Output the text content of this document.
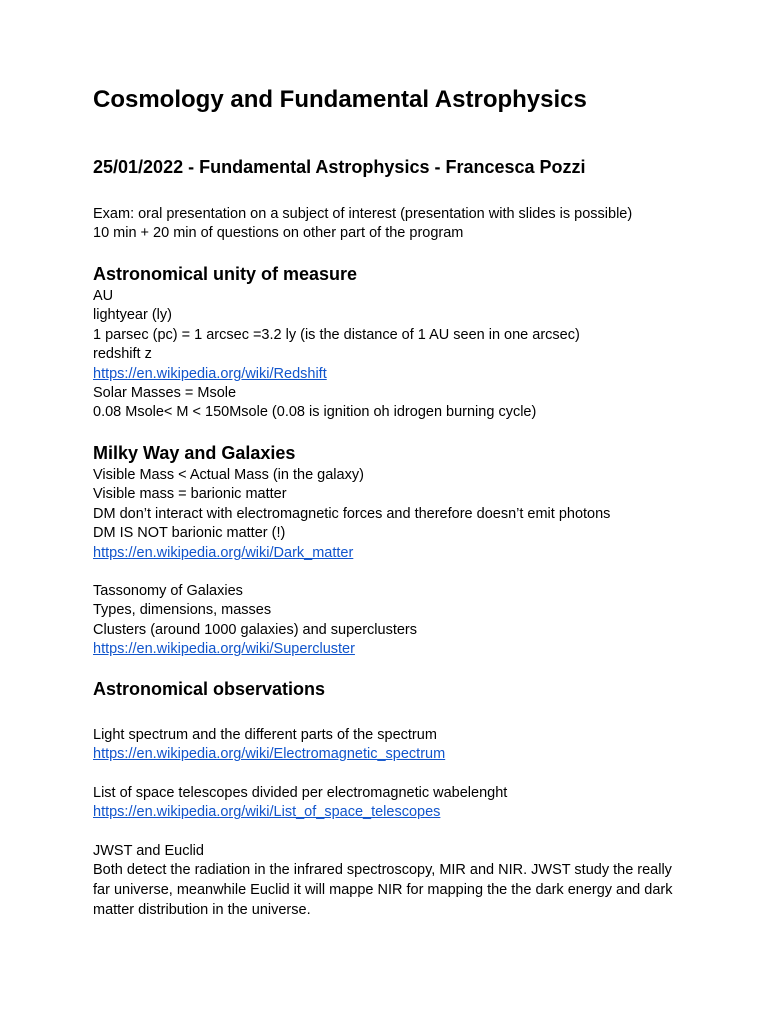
Cosmology and Fundamental Astrophysics
25/01/2022 - Fundamental Astrophysics - Francesca Pozzi
Exam: oral presentation on a subject of interest (presentation with slides is possible)
10 min + 20 min of questions on other part of the program
Astronomical unity of measure
AU
lightyear (ly)
1 parsec (pc) = 1 arcsec =3.2 ly (is the distance of 1 AU seen in one arcsec)
redshift z
https://en.wikipedia.org/wiki/Redshift
Solar Masses = Msole
0.08 Msole< M < 150Msole (0.08 is ignition oh idrogen burning cycle)
Milky Way and Galaxies
Visible Mass < Actual Mass (in the galaxy)
Visible mass = barionic matter
DM don’t interact with electromagnetic forces and therefore doesn’t emit photons
DM IS NOT barionic matter (!)
https://en.wikipedia.org/wiki/Dark_matter
Tassonomy of Galaxies
Types, dimensions, masses
Clusters (around 1000 galaxies) and superclusters
https://en.wikipedia.org/wiki/Supercluster
Astronomical observations
Light spectrum and the different parts of the spectrum
https://en.wikipedia.org/wiki/Electromagnetic_spectrum
List of space telescopes divided per electromagnetic wabelenght
https://en.wikipedia.org/wiki/List_of_space_telescopes
JWST and Euclid
Both detect the radiation in the infrared spectroscopy, MIR and NIR. JWST study the really far universe, meanwhile Euclid it will mappe NIR for mapping the the dark energy and dark matter distribution in the universe.
